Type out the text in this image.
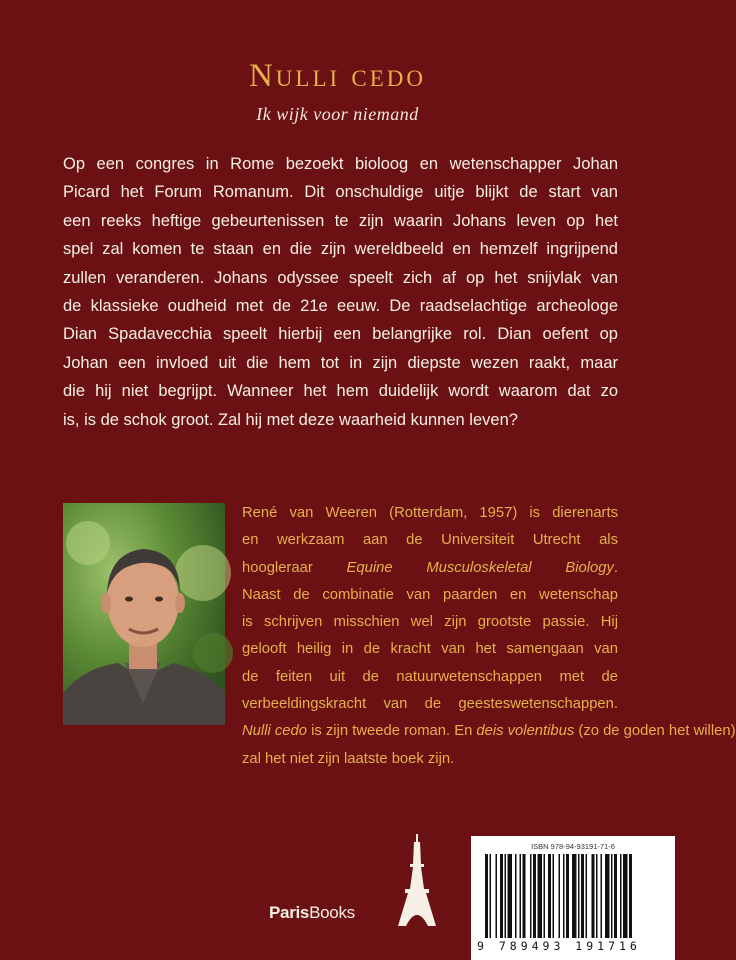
Nulli cedo
Ik wijk voor niemand
Op een congres in Rome bezoekt bioloog en wetenschapper Johan
Picard het Forum Romanum. Dit onschuldige uitje blijkt de start van
een reeks heftige gebeurtenissen te zijn waarin Johans leven op het
spel zal komen te staan en die zijn wereldbeeld en hemzelf ingrijpend
zullen veranderen. Johans odyssee speelt zich af op het snijvlak van
de klassieke oudheid met de 21e eeuw. De raadselachtige archeologe
Dian Spadavecchia speelt hierbij een belangrijke rol. Dian oefent op
Johan een invloed uit die hem tot in zijn diepste wezen raakt, maar
die hij niet begrijpt. Wanneer het hem duidelijk wordt waarom dat zo
is, is de schok groot. Zal hij met deze waarheid kunnen leven?
René van Weeren (Rotterdam, 1957) is dierenarts
en werkzaam aan de Universiteit Utrecht als
hoogleraar Equine Musculoskeletal Biology.
Naast de combinatie van paarden en wetenschap
is schrijven misschien wel zijn grootste passie. Hij
gelooft heilig in de kracht van het samengaan van
de feiten uit de natuurwetenschappen met de
verbeeldingskracht van de geesteswetenschappen.
Nulli cedo is zijn tweede roman. En deis volentibus (zo de goden het willen)
zal het niet zijn laatste boek zijn.
ParisBooks
ISBN 978-94-93191-71-6
9 789493 191716
